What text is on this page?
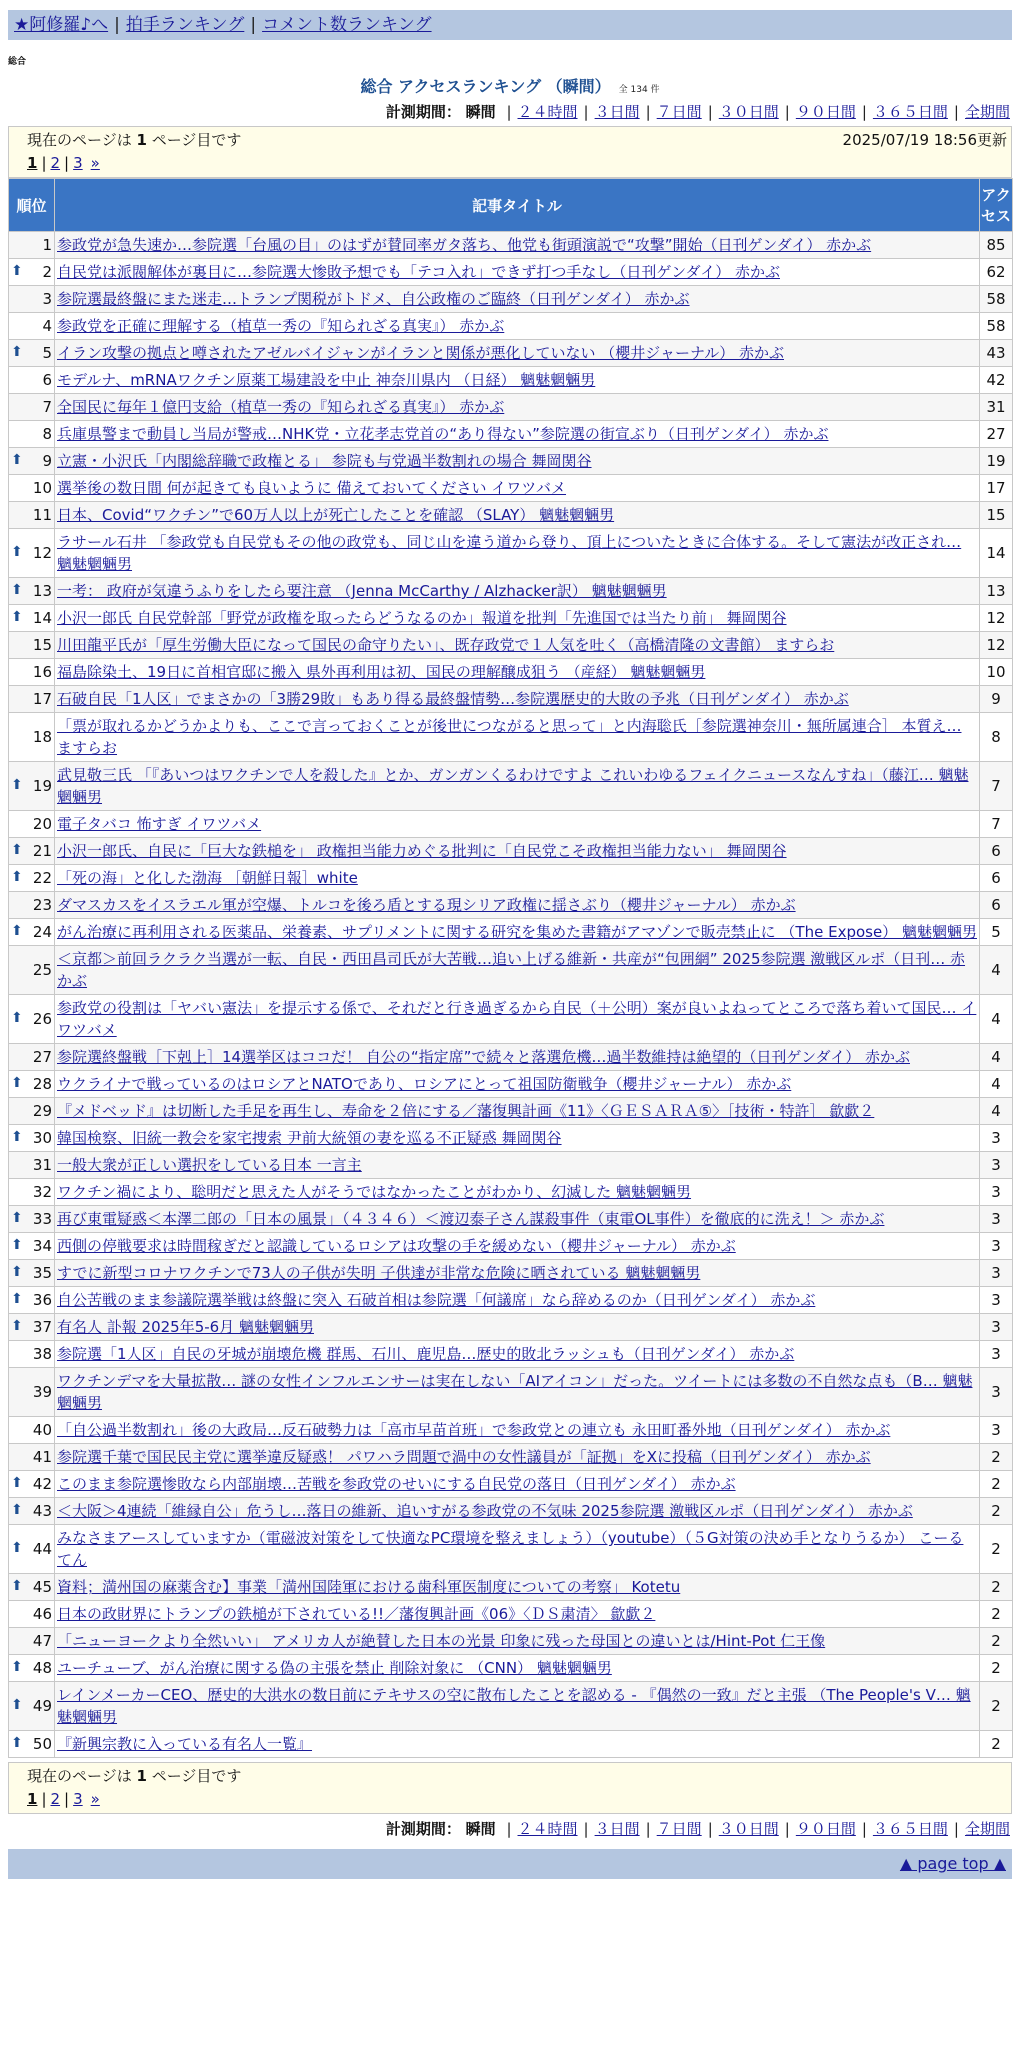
★阿修羅♪へ | 拍手ランキング | コメント数ランキング
総合
総合 アクセスランキング （瞬間） 全 134 件
計測期間： 瞬間 | ２４時間 | ３日間 | ７日間 | ３０日間 | ９０日間 | ３６５日間 | 全期間
現在のページは 1 ページ目です	2025/07/19 18:56更新
1 | 2 | 3 »
順位	記事タイトル	アクセス
1	参政党が急失速か…参院選「台風の目」のはずが賛同率ガタ落ち、他党も街頭演説で“攻撃”開始（日刊ゲンダイ） 赤かぶ	85

⬆ 2	自民党は派閥解体が裏目に…参院選大惨敗予想でも「テコ入れ」できず打つ手なし（日刊ゲンダイ） 赤かぶ	62
3	参院選最終盤にまた迷走…トランプ関税がトドメ、自公政権のご臨終（日刊ゲンダイ） 赤かぶ	58
4	参政党を正確に理解する（植草一秀の『知られざる真実』） 赤かぶ	58

⬆ 5	イラン攻撃の拠点と噂されたアゼルバイジャンがイランと関係が悪化していない （櫻井ジャーナル） 赤かぶ	43
6	モデルナ、mRNAワクチン原薬工場建設を中止 神奈川県内 （日経） 魑魅魍魎男	42
7	全国民に毎年１億円支給（植草一秀の『知られざる真実』） 赤かぶ	31
8	兵庫県警まで動員し当局が警戒…NHK党・立花孝志党首の“あり得ない”参院選の街宣ぶり（日刊ゲンダイ） 赤かぶ	27

⬆ 9	立憲・小沢氏「内閣総辞職で政権とる」 参院も与党過半数割れの場合 舞岡関谷	19
10	選挙後の数日間 何が起きても良いように 備えておいてください イワツバメ	17
11	日本、Covid“ワクチン”で60万人以上が死亡したことを確認 （SLAY） 魑魅魍魎男	15

⬆ 12	ラサール石井 「参政党も自民党もその他の政党も、同じ山を違う道から登り、頂上についたときに合体する。そして憲法が改正され… 魑魅魍魎男	14

⬆ 13	一考： 政府が気違うふりをしたら要注意 （Jenna McCarthy / Alzhacker訳） 魑魅魍魎男	13

⬆ 14	小沢一郎氏 自民党幹部「野党が政権を取ったらどうなるのか」報道を批判「先進国では当たり前」 舞岡関谷	12
15	川田龍平氏が「厚生労働大臣になって国民の命守りたい」、既存政党で１人気を吐く（高橋清隆の文書館） ますらお	12
16	福島除染土、19日に首相官邸に搬入 県外再利用は初、国民の理解醸成狙う （産経） 魑魅魍魎男	10
17	石破自民「1人区」でまさかの「3勝29敗」もあり得る最終盤情勢…参院選歴史的大敗の予兆（日刊ゲンダイ） 赤かぶ	9
18	「票が取れるかどうかよりも、ここで言っておくことが後世につながると思って」と内海聡氏［参院選神奈川・無所属連合］ 本質え… ますらお	8

⬆ 19	武見敬三氏 「『あいつはワクチンで人を殺した』とか、ガンガンくるわけですよ これいわゆるフェイクニュースなんすね」（藤江… 魑魅魍魎男	7
20	電子タバコ 怖すぎ イワツバメ	7

⬆ 21	小沢一郎氏、自民に「巨大な鉄槌を」 政権担当能力めぐる批判に「自民党こそ政権担当能力ない」 舞岡関谷	6

⬆ 22	「死の海」と化した渤海 ［朝鮮日報］white	6
23	ダマスカスをイスラエル軍が空爆、トルコを後ろ盾とする現シリア政権に揺さぶり（櫻井ジャーナル） 赤かぶ	6

⬆ 24	がん治療に再利用される医薬品、栄養素、サプリメントに関する研究を集めた書籍がアマゾンで販売禁止に （The Expose） 魑魅魍魎男	5
25	＜京都＞前回ラクラク当選が一転、自民・西田昌司氏が大苦戦…追い上げる維新・共産が“包囲網” 2025参院選 激戦区ルポ（日刊… 赤かぶ	4

⬆ 26	参政党の役割は「ヤバい憲法」を提示する係で、それだと行き過ぎるから自民（＋公明）案が良いよねってところで落ち着いて国民… イワツバメ	4
27	参院選終盤戦［下剋上］14選挙区はココだ！ 自公の“指定席”で続々と落選危機…過半数維持は絶望的（日刊ゲンダイ） 赤かぶ	4

⬆ 28	ウクライナで戦っているのはロシアとNATOであり、ロシアにとって祖国防衛戦争（櫻井ジャーナル） 赤かぶ	4
29	『メドベッド』は切断した手足を再生し、寿命を２倍にする／藩復興計画《11》〈ＧＥＳＡＲＡ⑤〉［技術・特許］ 歙歔２	4

⬆ 30	韓国検察、旧統一教会を家宅捜索 尹前大統領の妻を巡る不正疑惑 舞岡関谷	3
31	一般大衆が正しい選択をしている日本 一言主	3
32	ワクチン禍により、聡明だと思えた人がそうではなかったことがわかり、幻滅した 魑魅魍魎男	3

⬆ 33	再び東電疑惑＜本澤二郎の「日本の風景」（４３４６）＜渡辺泰子さん謀殺事件（東電OL事件）を徹底的に洗え！＞ 赤かぶ	3

⬆ 34	西側の停戦要求は時間稼ぎだと認識しているロシアは攻撃の手を緩めない（櫻井ジャーナル） 赤かぶ	3

⬆ 35	すでに新型コロナワクチンで73人の子供が失明 子供達が非常な危険に晒されている 魑魅魍魎男	3

⬆ 36	自公苦戦のまま参議院選挙戦は終盤に突入 石破首相は参院選「何議席」なら辞めるのか（日刊ゲンダイ） 赤かぶ	3

⬆ 37	有名人 訃報 2025年5-6月 魑魅魍魎男	3
38	参院選「1人区」自民の牙城が崩壊危機 群馬、石川、鹿児島…歴史的敗北ラッシュも（日刊ゲンダイ） 赤かぶ	3
39	ワクチンデマを大量拡散… 謎の女性インフルエンサーは実在しない「AIアイコン」だった。ツイートには多数の不自然な点も（B… 魑魅魍魎男	3
40	「自公過半数割れ」後の大政局…反石破勢力は「高市早苗首班」で参政党との連立も 永田町番外地（日刊ゲンダイ） 赤かぶ	3
41	参院選千葉で国民民主党に選挙違反疑惑！ パワハラ問題で渦中の女性議員が「証拠」をXに投稿（日刊ゲンダイ） 赤かぶ	2

⬆ 42	このまま参院選惨敗なら内部崩壊…苦戦を参政党のせいにする自民党の落日（日刊ゲンダイ） 赤かぶ	2

⬆ 43	＜大阪＞4連続「維縁自公」危うし…落日の維新、追いすがる参政党の不気味 2025参院選 激戦区ルポ（日刊ゲンダイ） 赤かぶ	2

⬆ 44	みなさまアースしていますか（電磁波対策をして快適なPC環境を整えましょう）（youtube）（５G対策の決め手となりうるか） こーるてん	2

⬆ 45	資料；満州国の麻薬含む】事業「満州国陸軍における歯科軍医制度についての考察」 Kotetu	2
46	日本の政財界にトランプの鉄槌が下されている!!／藩復興計画《06》〈ＤＳ粛清〉 歙歔２	2
47	「ニューヨークより全然いい」 アメリカ人が絶賛した日本の光景 印象に残った母国との違いとは/Hint-Pot 仁王像	2

⬆ 48	ユーチューブ、がん治療に関する偽の主張を禁止 削除対象に （CNN） 魑魅魍魎男	2

⬆ 49	レインメーカーCEO、歴史的大洪水の数日前にテキサスの空に散布したことを認める - 『偶然の一致』だと主張 （The People's V… 魑魅魍魎男	2

⬆ 50	『新興宗教に入っている有名人一覧』	2
現在のページは 1 ページ目です
1 | 2 | 3 »
計測期間： 瞬間 | ２４時間 | ３日間 | ７日間 | ３０日間 | ９０日間 | ３６５日間 | 全期間
▲ page top ▲
